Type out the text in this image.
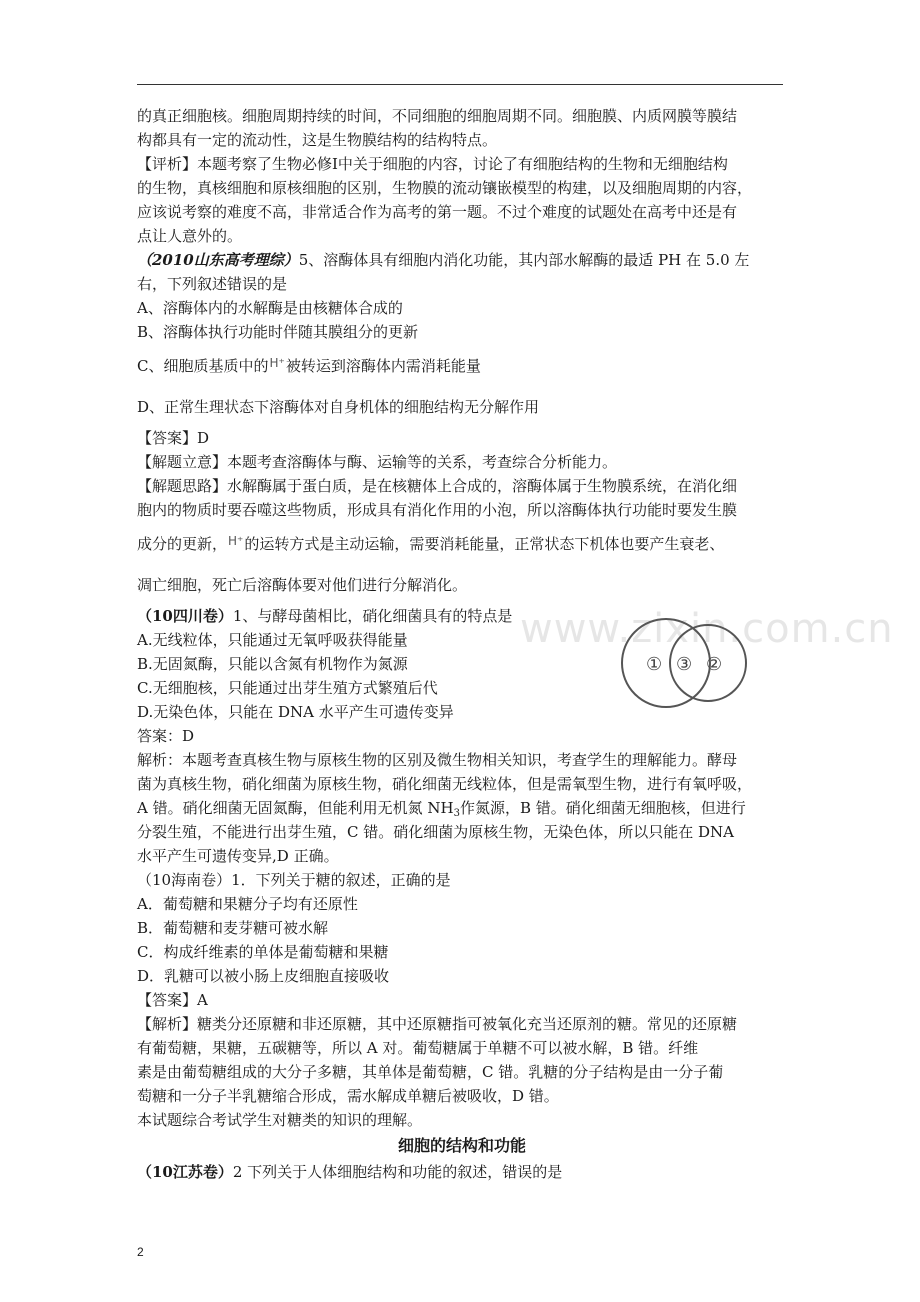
www.zixin.com.cn
的真正细胞核。细胞周期持续的时间，不同细胞的细胞周期不同。细胞膜、内质网膜等膜结
构都具有一定的流动性，这是生物膜结构的结构特点。
【评析】本题考察了生物必修Ⅰ中关于细胞的内容，讨论了有细胞结构的生物和无细胞结构
的生物，真核细胞和原核细胞的区别，生物膜的流动镶嵌模型的构建，以及细胞周期的内容，
应该说考察的难度不高，非常适合作为高考的第一题。不过个难度的试题处在高考中还是有
点让人意外的。
（2010山东高考理综）5、溶酶体具有细胞内消化功能，其内部水解酶的最适 PH 在 5.0 左
右，下列叙述错误的是
A、溶酶体内的水解酶是由核糖体合成的
B、溶酶体执行功能时伴随其膜组分的更新
C、细胞质基质中的H⁺被转运到溶酶体内需消耗能量
D、正常生理状态下溶酶体对自身机体的细胞结构无分解作用
【答案】D
【解题立意】本题考查溶酶体与酶、运输等的关系，考查综合分析能力。
【解题思路】水解酶属于蛋白质，是在核糖体上合成的，溶酶体属于生物膜系统，在消化细
胞内的物质时要吞噬这些物质，形成具有消化作用的小泡，所以溶酶体执行功能时要发生膜
成分的更新，H⁺的运转方式是主动运输，需要消耗能量，正常状态下机体也要产生衰老、
凋亡细胞，死亡后溶酶体要对他们进行分解消化。
（10四川卷）1、与酵母菌相比，硝化细菌具有的特点是
A.无线粒体，只能通过无氧呼吸获得能量
B.无固氮酶，只能以含氮有机物作为氮源
C.无细胞核，只能通过出芽生殖方式繁殖后代
D.无染色体，只能在 DNA 水平产生可遗传变异
答案：D
解析：本题考查真核生物与原核生物的区别及微生物相关知识，考查学生的理解能力。酵母
菌为真核生物，硝化细菌为原核生物，硝化细菌无线粒体，但是需氧型生物，进行有氧呼吸，
A 错。硝化细菌无固氮酶，但能利用无机氮 $NH_3$作氮源，B 错。硝化细菌无细胞核，但进行
分裂生殖，不能进行出芽生殖，C 错。硝化细菌为原核生物，无染色体，所以只能在 DNA
水平产生可遗传变异,D 正确。
（10海南卷）1．下列关于糖的叙述，正确的是
A．葡萄糖和果糖分子均有还原性
B．葡萄糖和麦芽糖可被水解
C．构成纤维素的单体是葡萄糖和果糖
D．乳糖可以被小肠上皮细胞直接吸收
【答案】A
【解析】糖类分还原糖和非还原糖，其中还原糖指可被氧化充当还原剂的糖。常见的还原糖
有葡萄糖，果糖，五碳糖等，所以 A 对。葡萄糖属于单糖不可以被水解，B 错。纤维
素是由葡萄糖组成的大分子多糖，其单体是葡萄糖，C 错。乳糖的分子结构是由一分子葡
萄糖和一分子半乳糖缩合形成，需水解成单糖后被吸收，D 错。
本试题综合考试学生对糖类的知识的理解。
细胞的结构和功能
（10江苏卷）2 下列关于人体细胞结构和功能的叙述，错误的是
① ③ ②
2
